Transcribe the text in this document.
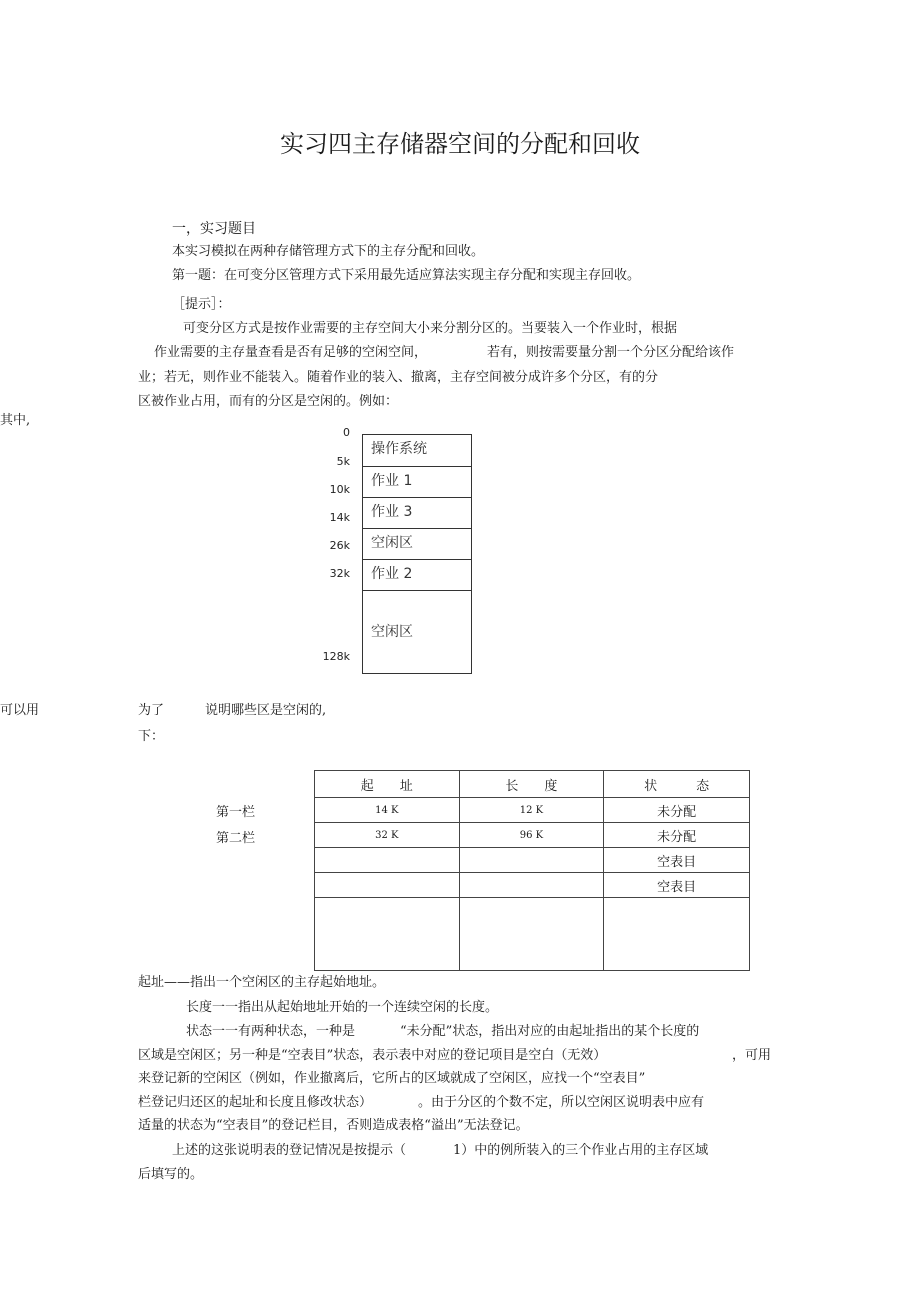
实习四主存储器空间的分配和回收
一，实习题目
本实习模拟在两种存储管理方式下的主存分配和回收。
第一题：在可变分区管理方式下采用最先适应算法实现主存分配和实现主存回收。
［提示］：
可变分区方式是按作业需要的主存空间大小来分割分区的。当要装入一个作业时，根据
作业需要的主存量查看是否有足够的空闲空间，	若有，则按需要量分割一个分区分配给该作
业；若无，则作业不能装入。随着作业的装入、撤离，主存空间被分成许多个分区，有的分
区被作业占用，而有的分区是空闲的。例如：
其中,
0
5k
10k
14k
26k
32k
128k
操作系统
作业 1
作业 3
空闲区
作业 2
空闲区
可以用	为了	说明哪些区是空闲的,
下：
第一栏
第二栏
起　　址	长　　度	状　　　态
14 K	12 K	未分配
32 K	96 K	未分配
		空表目
		空表目

起址——指出一个空闲区的主存起始地址。
长度一一指出从起始地址开始的一个连续空闲的长度。
状态一一有两种状态，一种是	“未分配”状态，指出对应的由起址指出的某个长度的
区域是空闲区；另一种是“空表目”状态，表示表中对应的登记项目是空白（无效）	，可用
来登记新的空闲区（例如，作业撤离后，它所占的区域就成了空闲区，应找一个“空表目”
栏登记归还区的起址和长度且修改状态）	。由于分区的个数不定，所以空闲区说明表中应有
适量的状态为“空表目”的登记栏目，否则造成表格“溢出”无法登记。
上述的这张说明表的登记情况是按提示（	1）中的例所装入的三个作业占用的主存区域
后填写的。
